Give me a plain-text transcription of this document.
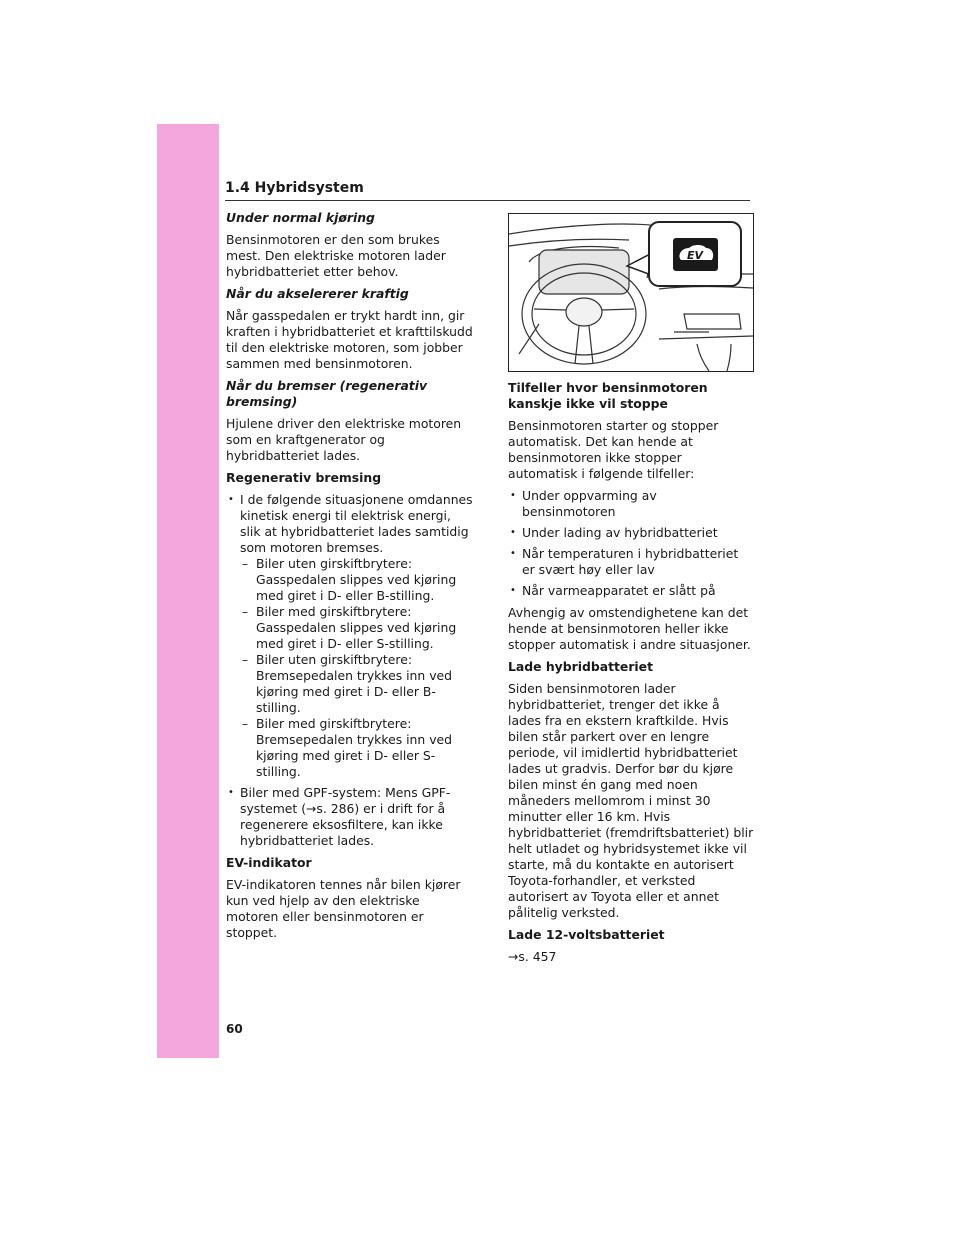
1.4 Hybridsystem
Under normal kjøring

Bensinmotoren er den som brukes mest. Den elektriske motoren lader hybridbatteriet etter behov.

Når du akselererer kraftig

Når gasspedalen er trykt hardt inn, gir kraften i hybridbatteriet et krafttilskudd til den elektriske motoren, som jobber sammen med bensinmotoren.

Når du bremser (regenerativ bremsing)

Hjulene driver den elektriske motoren som en kraftgenerator og hybridbatteriet lades.

Regenerativ bremsing
• I de følgende situasjonene omdannes kinetisk energi til elektrisk energi, slik at hybridbatteriet lades samtidig som motoren bremses.
– Biler uten girskiftbrytere: Gasspedalen slippes ved kjøring med giret i D- eller B-stilling.
– Biler med girskiftbrytere: Gasspedalen slippes ved kjøring med giret i D- eller S-stilling.
– Biler uten girskiftbrytere: Bremsepedalen trykkes inn ved kjøring med giret i D- eller B-stilling.
– Biler med girskiftbrytere: Bremsepedalen trykkes inn ved kjøring med giret i D- eller S-stilling.
• Biler med GPF-system: Mens GPF-systemet (→s. 286) er i drift for å regenerere eksosfiltere, kan ikke hybridbatteriet lades.
EV-indikator

EV-indikatoren tennes når bilen kjører kun ved hjelp av den elektriske motoren eller bensinmotoren er stoppet.

EV
Tilfeller hvor bensinmotoren kanskje ikke vil stoppe

Bensinmotoren starter og stopper automatisk. Det kan hende at bensinmotoren ikke stopper automatisk i følgende tilfeller:

• Under oppvarming av bensinmotoren
• Under lading av hybridbatteriet
• Når temperaturen i hybridbatteriet er svært høy eller lav
• Når varmeapparatet er slått på

Avhengig av omstendighetene kan det hende at bensinmotoren heller ikke stopper automatisk i andre situasjoner.

Lade hybridbatteriet

Siden bensinmotoren lader hybridbatteriet, trenger det ikke å lades fra en ekstern kraftkilde. Hvis bilen står parkert over en lengre periode, vil imidlertid hybridbatteriet lades ut gradvis. Derfor bør du kjøre bilen minst én gang med noen måneders mellomrom i minst 30 minutter eller 16 km. Hvis hybridbatteriet (fremdriftsbatteriet) blir helt utladet og hybridsystemet ikke vil starte, må du kontakte en autorisert Toyota-forhandler, et verksted autorisert av Toyota eller et annet pålitelig verksted.

Lade 12-voltsbatteriet

→s. 457

60
